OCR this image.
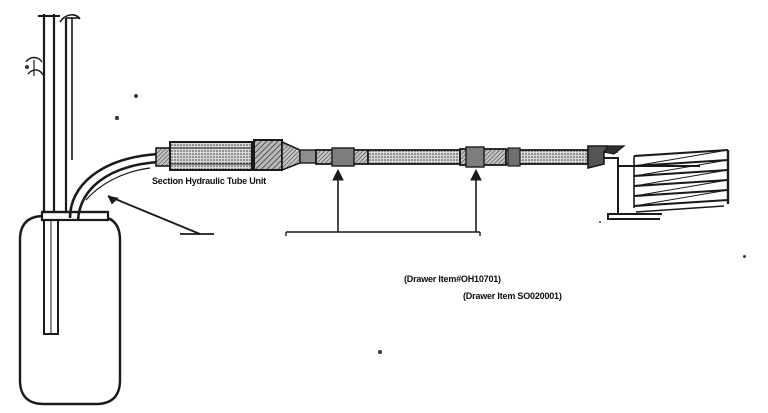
Section Hydraulic Tube Unit
(Drawer Item#OH10701)
(Drawer Item SO020001)
